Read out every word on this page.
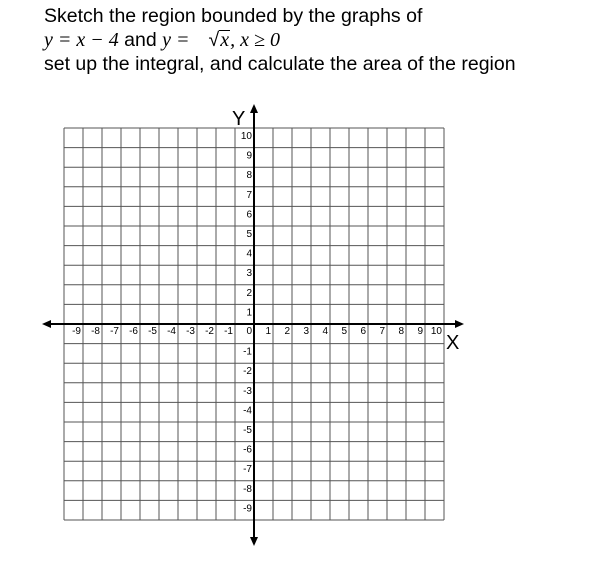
Sketch the region bounded by the graphs of
y = x − 4 and y = √x, x ≥ 0
set up the integral, and calculate the area of the region
X
Y
-9 -8 -7 -6 -5 -4 -3 -2 -1 0 1 2 3 4 5 6 7 8 9 10
10
9
8
7
6
5
4
3
2
1
-1
-2
-3
-4
-5
-6
-7
-8
-9
